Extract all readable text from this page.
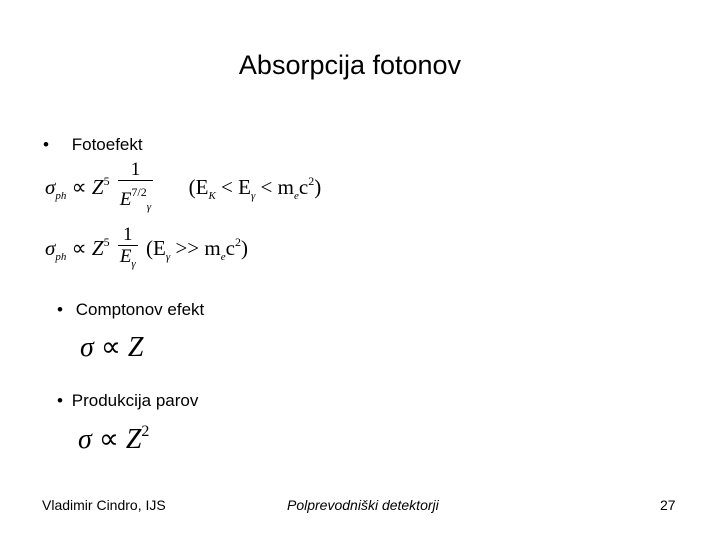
Absorpcija fotonov
• Fotoefekt
$\sigma_{ph} \propto Z^5 \frac{1}{E^{7/2}_\gamma} (E_K < E_\gamma < m_ec^2)$
$\sigma_{ph} \propto Z^5 \frac{1}{E_\gamma} (E_\gamma >> m_ec^2)$
• Comptonov efekt
σ ∝ Z
• Produkcija parov
$\sigma \propto Z^2$
Vladimir Cindro, IJS	Polprevodniški detektorji	27
